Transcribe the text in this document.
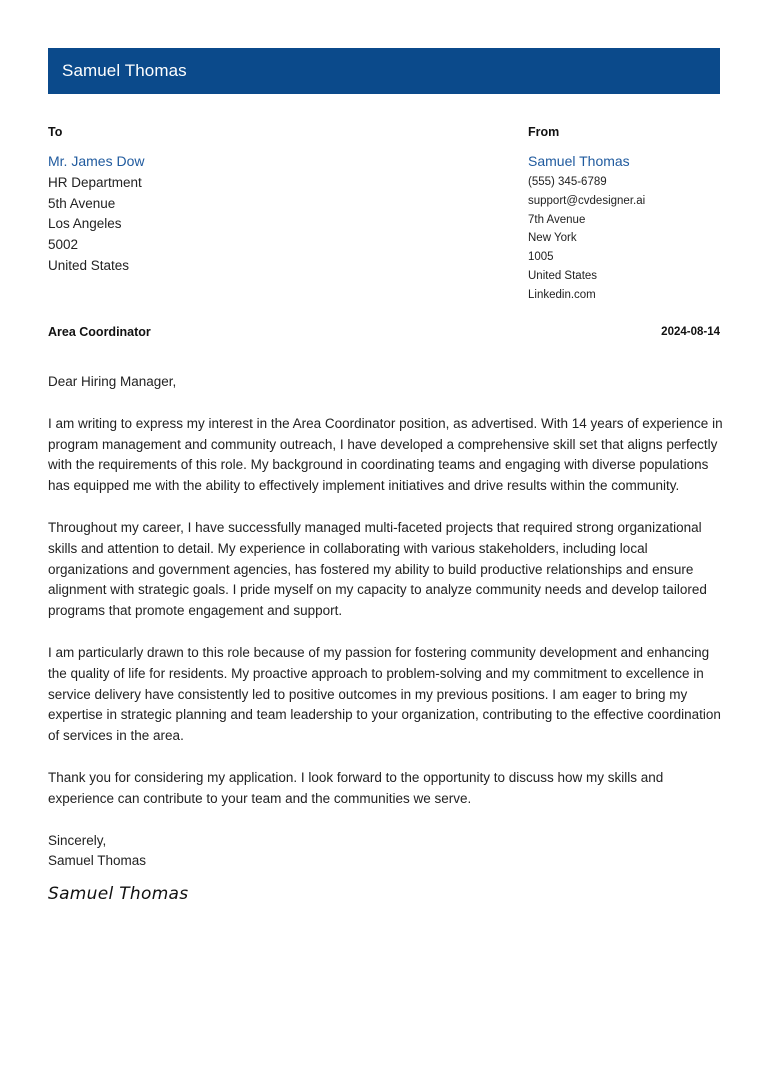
Samuel Thomas
To
Mr. James Dow
HR Department
5th Avenue
Los Angeles
5002
United States
From
Samuel Thomas
(555) 345-6789
support@cvdesigner.ai
7th Avenue
New York
1005
United States
Linkedin.com
Area Coordinator	2024-08-14

Dear Hiring Manager,

I am writing to express my interest in the Area Coordinator position, as advertised. With 14 years of experience in program management and community outreach, I have developed a comprehensive skill set that aligns perfectly with the requirements of this role. My background in coordinating teams and engaging with diverse populations has equipped me with the ability to effectively implement initiatives and drive results within the community.

Throughout my career, I have successfully managed multi-faceted projects that required strong organizational skills and attention to detail. My experience in collaborating with various stakeholders, including local organizations and government agencies, has fostered my ability to build productive relationships and ensure alignment with strategic goals. I pride myself on my capacity to analyze community needs and develop tailored programs that promote engagement and support.

I am particularly drawn to this role because of my passion for fostering community development and enhancing the quality of life for residents. My proactive approach to problem-solving and my commitment to excellence in service delivery have consistently led to positive outcomes in my previous positions. I am eager to bring my expertise in strategic planning and team leadership to your organization, contributing to the effective coordination of services in the area.

Thank you for considering my application. I look forward to the opportunity to discuss how my skills and experience can contribute to your team and the communities we serve.

Sincerely,
Samuel Thomas
Samuel Thomas
